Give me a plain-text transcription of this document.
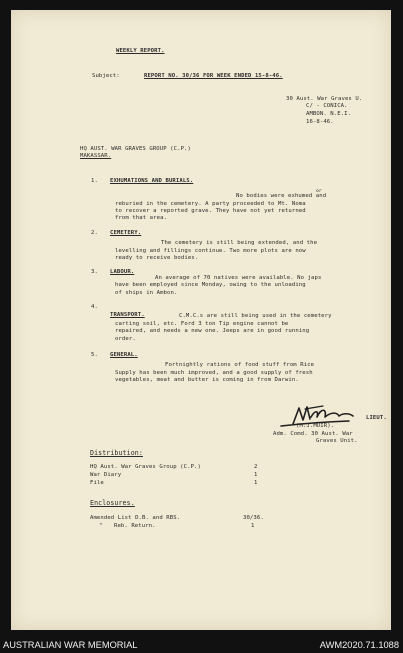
WEEKLY REPORT.
Subject:	REPORT NO. 30/36 FOR WEEK ENDED 15-8-46.
30 Aust. War Graves U.
C/ - CONICA.
AMBON. N.E.I.
16-8-46.
HQ AUST. WAR GRAVES GROUP (C.P.)
MAKASSAR.
1. EXHUMATIONS AND BURIALS.
or
No bodies were exhumed and
reburied in the cemetery. A party proceeded to Mt. Noma
to recover a reported grave. They have not yet returned
from that area.
2. CEMETERY.
The cemetery is still being extended, and the
levelling and fillings continue. Two more plots are now
ready to receive bodies.
3. LABOUR.
An average of 70 natives were available. No japs
have been employed since Monday, owing to the unloading
of ships in Ambon.
4.
TRANSPORT.	C.M.C.s are still being used in the cemetery
carting soil, etc. Ford 3 ton Tip engine cannot be
repaired, and needs a new one. Jeeps are in good running
order.
5. GENERAL.
Fortnightly rations of food stuff from Rice
Supply has been much improved, and a good supply of fresh
vegetables, meat and butter is coming in from Darwin.
LIEUT.
(M.J.MUIR).
Adm. Comd. 30 Aust. War
Graves Unit.
Distribution:
HQ Aust. War Graves Group (C.P.)	2
War Diary	1
File	1
Enclosures.
Amended List D.B. and RBS.	30/36.
" Reb. Return.	1
AUSTRALIAN WAR MEMORIAL	AWM2020.71.1088
